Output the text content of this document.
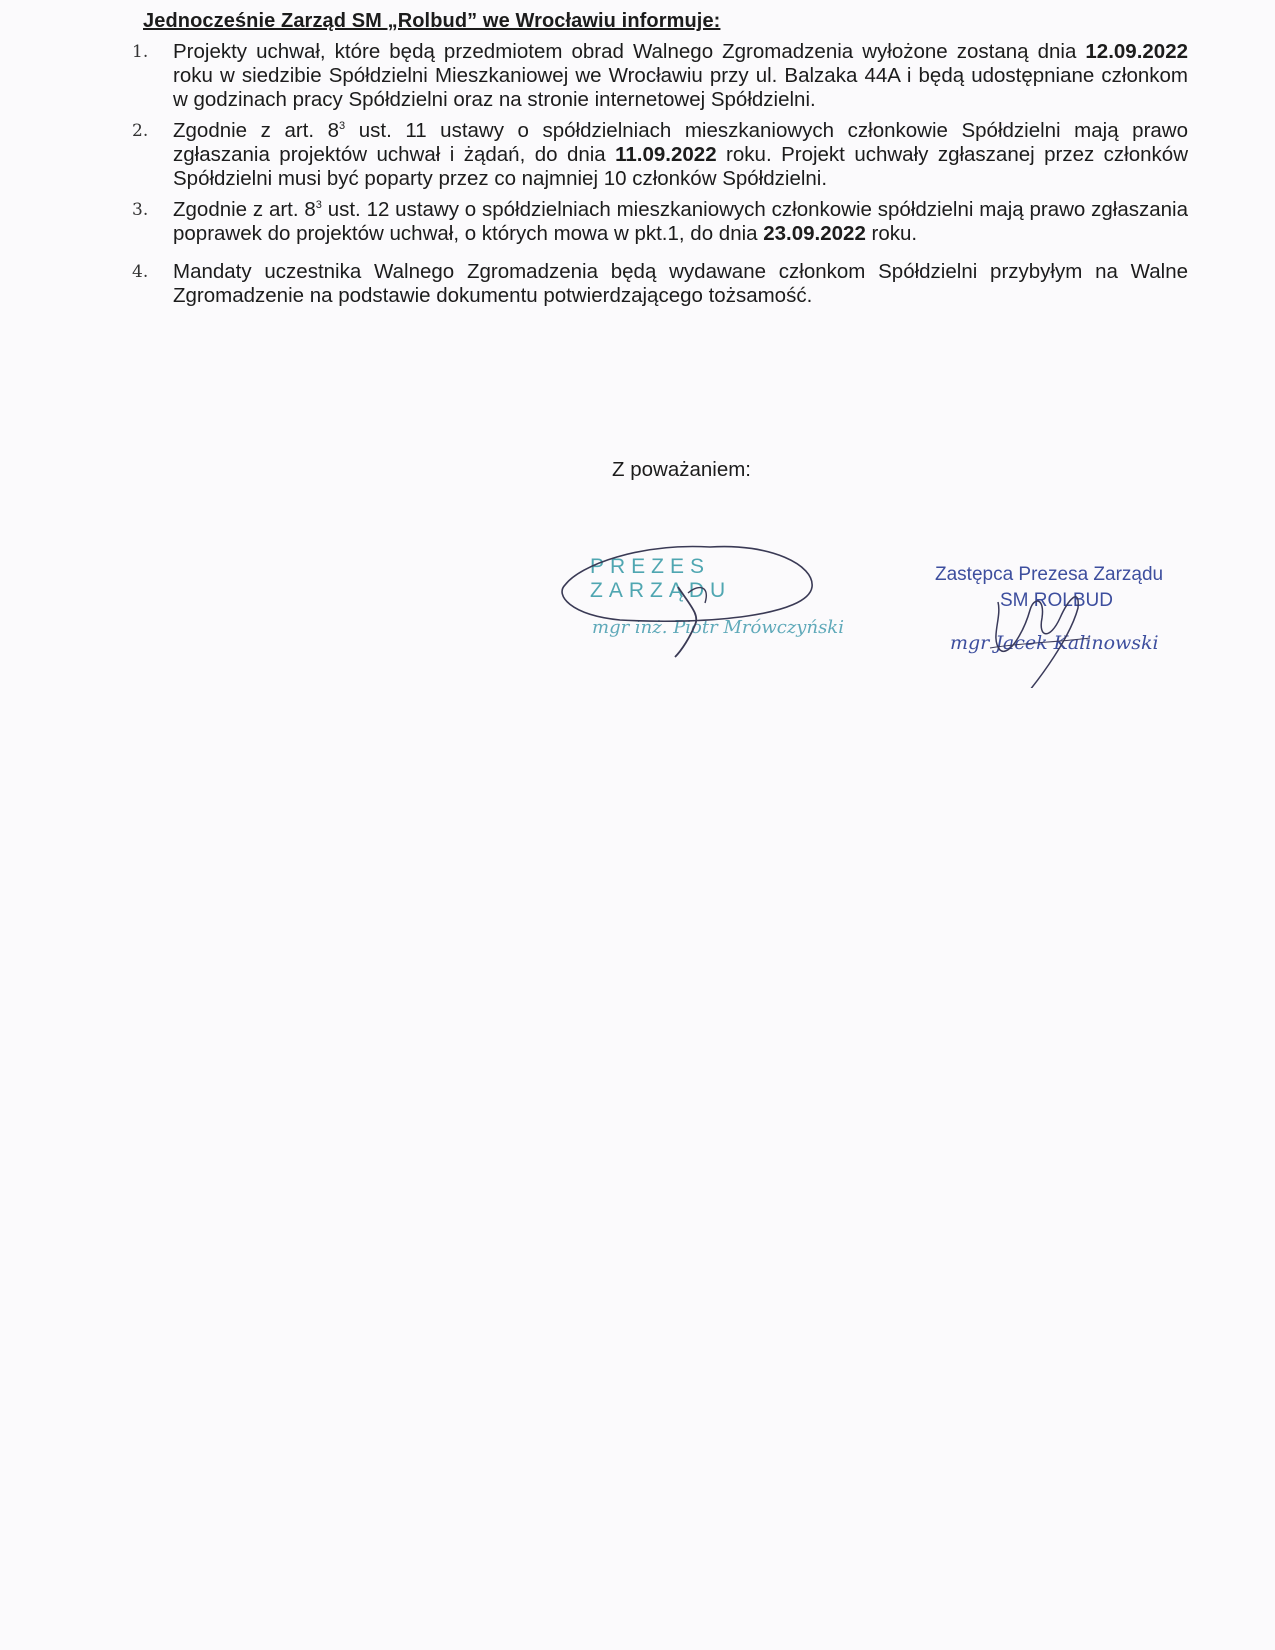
Jednocześnie Zarząd SM „Rolbud” we Wrocławiu informuje:
1. Projekty uchwał, które będą przedmiotem obrad Walnego Zgromadzenia wyłożone zostaną dnia 12.09.2022 roku w siedzibie Spółdzielni Mieszkaniowej we Wrocławiu przy ul. Balzaka 44A i będą udostępniane członkom w godzinach pracy Spółdzielni oraz na stronie internetowej Spółdzielni.
2. Zgodnie z art. $8^3$ ust. 11 ustawy o spółdzielniach mieszkaniowych członkowie Spółdzielni mają prawo zgłaszania projektów uchwał i żądań, do dnia 11.09.2022 roku. Projekt uchwały zgłaszanej przez członków Spółdzielni musi być poparty przez co najmniej 10 członków Spółdzielni.
3. Zgodnie z art. $8^3$ ust. 12 ustawy o spółdzielniach mieszkaniowych członkowie spółdzielni mają prawo zgłaszania poprawek do projektów uchwał, o których mowa w pkt.1, do dnia 23.09.2022 roku.
4. Mandaty uczestnika Walnego Zgromadzenia będą wydawane członkom Spółdzielni przybyłym na Walne Zgromadzenie na podstawie dokumentu potwierdzającego tożsamość.

Z poważaniem:

PREZES ZARZĄDU
mgr inż. Piotr Mrówczyński
Zastępca Prezesa Zarządu
SM ROLBUD
mgr Jacek Kalinowski
